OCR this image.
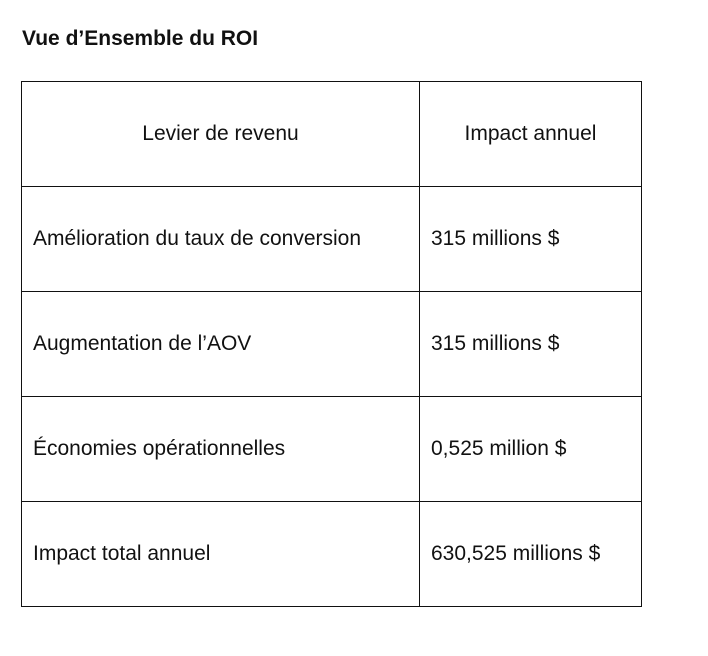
Vue d’Ensemble du ROI
Levier de revenu	Impact annuel
Amélioration du taux de conversion	315 millions $
Augmentation de l’AOV	315 millions $
Économies opérationnelles	0,525 million $
Impact total annuel	630,525 millions $
